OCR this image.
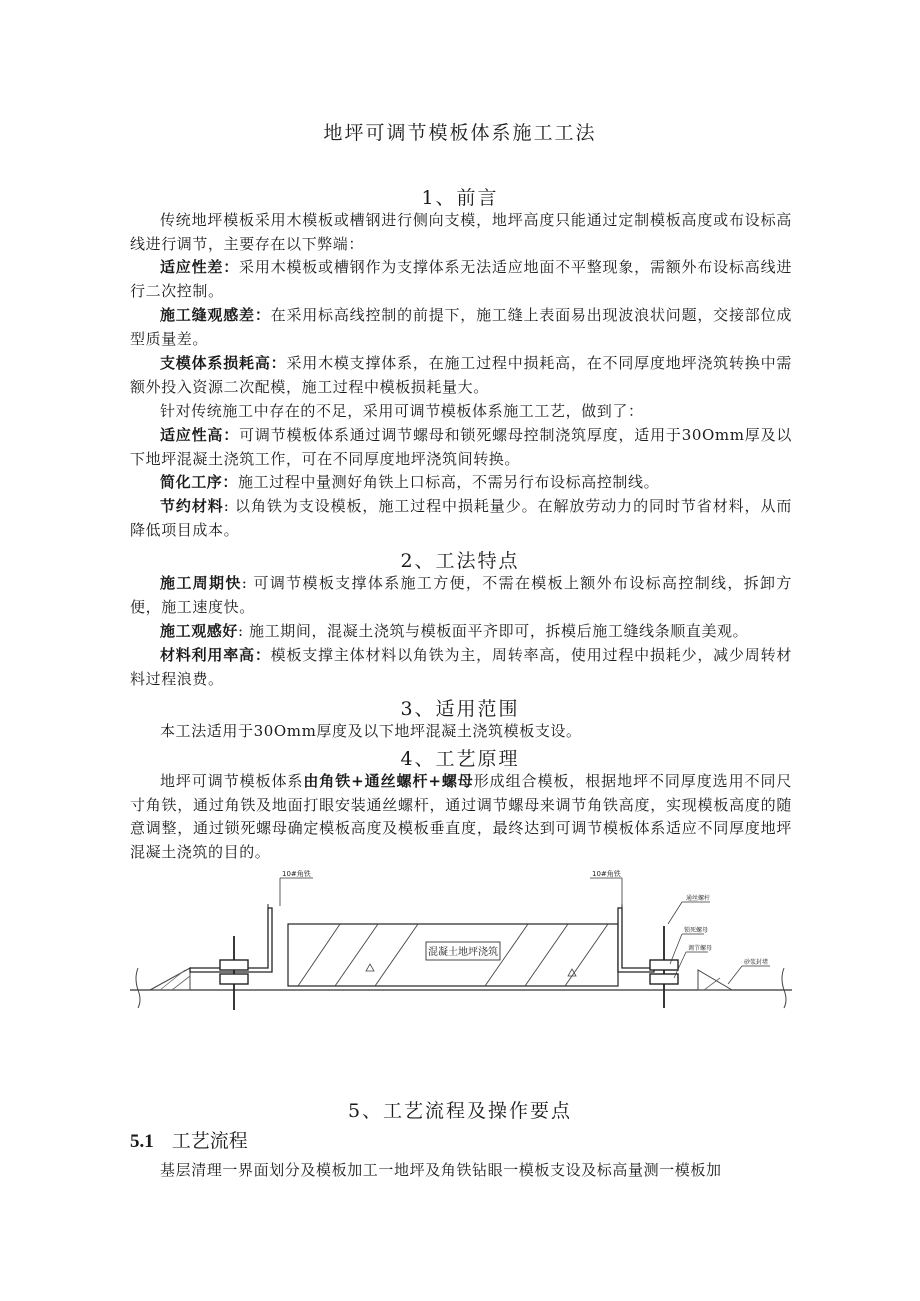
地坪可调节模板体系施工工法
1、前言
传统地坪模板采用木模板或槽钢进行侧向支模，地坪高度只能通过定制模板高度或布设标高线进行调节，主要存在以下弊端：
适应性差：采用木模板或槽钢作为支撑体系无法适应地面不平整现象，需额外布设标高线进行二次控制。
施工缝观感差：在采用标高线控制的前提下，施工缝上表面易出现波浪状问题，交接部位成型质量差。
支模体系损耗高：采用木模支撑体系，在施工过程中损耗高，在不同厚度地坪浇筑转换中需额外投入资源二次配模，施工过程中模板损耗量大。
针对传统施工中存在的不足，采用可调节模板体系施工工艺，做到了：
适应性高：可调节模板体系通过调节螺母和锁死螺母控制浇筑厚度，适用于30Omm厚及以下地坪混凝土浇筑工作，可在不同厚度地坪浇筑间转换。
简化工序：施工过程中量测好角铁上口标高，不需另行布设标高控制线。
节约材料: 以角铁为支设模板，施工过程中损耗量少。在解放劳动力的同时节省材料，从而降低项目成本。
2、工法特点
施工周期快: 可调节模板支撑体系施工方便，不需在模板上额外布设标高控制线，拆卸方便，施工速度快。
施工观感好: 施工期间，混凝土浇筑与模板面平齐即可，拆模后施工缝线条顺直美观。
材料利用率高：模板支撑主体材料以角铁为主，周转率高，使用过程中损耗少，减少周转材料过程浪费。
3、适用范围
本工法适用于30Omm厚度及以下地坪混凝土浇筑模板支设。
4、工艺原理
地坪可调节模板体系由角铁+通丝螺杆+螺母形成组合模板，根据地坪不同厚度选用不同尺寸角铁，通过角铁及地面打眼安装通丝螺杆，通过调节螺母来调节角铁高度，实现模板高度的随意调整，通过锁死螺母确定模板高度及模板垂直度，最终达到可调节模板体系适应不同厚度地坪混凝土浇筑的目的。
10#角铁
混凝土地坪浇筑
10#角铁
通丝螺杆
锁死螺母
调节螺母
砂浆封堵
5、工艺流程及操作要点
5.1 工艺流程
基层清理一界面划分及模板加工一地坪及角铁钻眼一模板支设及标高量测一模板加
